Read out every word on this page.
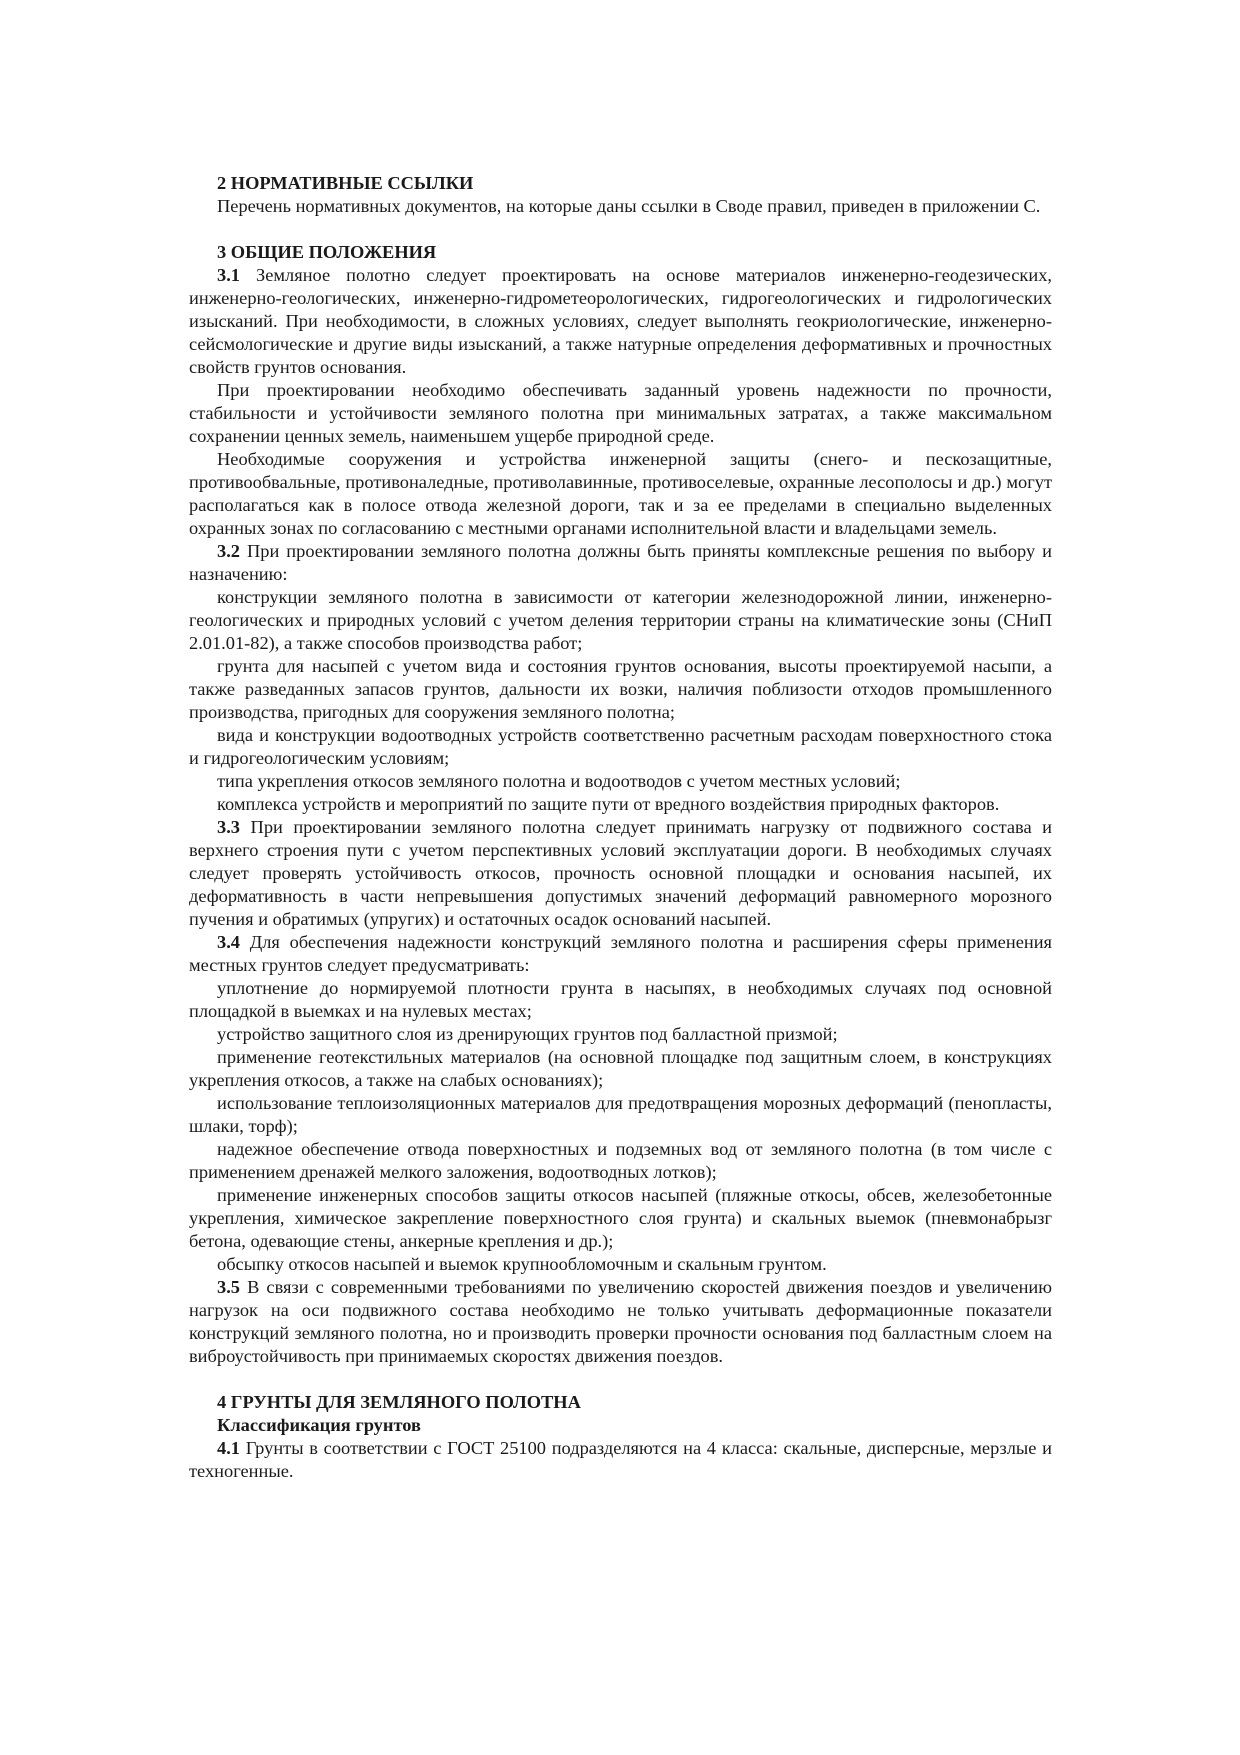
2 НОРМАТИВНЫЕ ССЫЛКИ

Перечень нормативных документов, на которые даны ссылки в Своде правил, приведен в приложении С.

3 ОБЩИЕ ПОЛОЖЕНИЯ

3.1 Земляное полотно следует проектировать на основе материалов инженерно-геодезических, инженерно-геологических, инженерно-гидрометеорологических, гидрогеологических и гидрологических изысканий. При необходимости, в сложных условиях, следует выполнять геокриологические, инженерно-сейсмологические и другие виды изысканий, а также натурные определения деформативных и прочностных свойств грунтов основания.

При проектировании необходимо обеспечивать заданный уровень надежности по прочности, стабильности и устойчивости земляного полотна при минимальных затратах, а также максимальном сохранении ценных земель, наименьшем ущербе природной среде.

Необходимые сооружения и устройства инженерной защиты (снего- и пескозащитные, противообвальные, противоналедные, противолавинные, противоселевые, охранные лесополосы и др.) могут располагаться как в полосе отвода железной дороги, так и за ее пределами в специально выделенных охранных зонах по согласованию с местными органами исполнительной власти и владельцами земель.

3.2 При проектировании земляного полотна должны быть приняты комплексные решения по выбору и назначению:

конструкции земляного полотна в зависимости от категории железнодорожной линии, инженерно-геологических и природных условий с учетом деления территории страны на климатические зоны (СНиП 2.01.01-82), а также способов производства работ;

грунта для насыпей с учетом вида и состояния грунтов основания, высоты проектируемой насыпи, а также разведанных запасов грунтов, дальности их возки, наличия поблизости отходов промышленного производства, пригодных для сооружения земляного полотна;

вида и конструкции водоотводных устройств соответственно расчетным расходам поверхностного стока и гидрогеологическим условиям;

типа укрепления откосов земляного полотна и водоотводов с учетом местных условий;

комплекса устройств и мероприятий по защите пути от вредного воздействия природных факторов.

3.3 При проектировании земляного полотна следует принимать нагрузку от подвижного состава и верхнего строения пути с учетом перспективных условий эксплуатации дороги. В необходимых случаях следует проверять устойчивость откосов, прочность основной площадки и основания насыпей, их деформативность в части непревышения допустимых значений деформаций равномерного морозного пучения и обратимых (упругих) и остаточных осадок оснований насыпей.

3.4 Для обеспечения надежности конструкций земляного полотна и расширения сферы применения местных грунтов следует предусматривать:

уплотнение до нормируемой плотности грунта в насыпях, в необходимых случаях под основной площадкой в выемках и на нулевых местах;

устройство защитного слоя из дренирующих грунтов под балластной призмой;

применение геотекстильных материалов (на основной площадке под защитным слоем, в конструкциях укрепления откосов, а также на слабых основаниях);

использование теплоизоляционных материалов для предотвращения морозных деформаций (пенопласты, шлаки, торф);

надежное обеспечение отвода поверхностных и подземных вод от земляного полотна (в том числе с применением дренажей мелкого заложения, водоотводных лотков);

применение инженерных способов защиты откосов насыпей (пляжные откосы, обсев, железобетонные укрепления, химическое закрепление поверхностного слоя грунта) и скальных выемок (пневмонабрызг бетона, одевающие стены, анкерные крепления и др.);

обсыпку откосов насыпей и выемок крупнообломочным и скальным грунтом.

3.5 В связи с современными требованиями по увеличению скоростей движения поездов и увеличению нагрузок на оси подвижного состава необходимо не только учитывать деформационные показатели конструкций земляного полотна, но и производить проверки прочности основания под балластным слоем на виброустойчивость при принимаемых скоростях движения поездов.

4 ГРУНТЫ ДЛЯ ЗЕМЛЯНОГО ПОЛОТНА

Классификация грунтов

4.1 Грунты в соответствии с ГОСТ 25100 подразделяются на 4 класса: скальные, дисперсные, мерзлые и техногенные.
